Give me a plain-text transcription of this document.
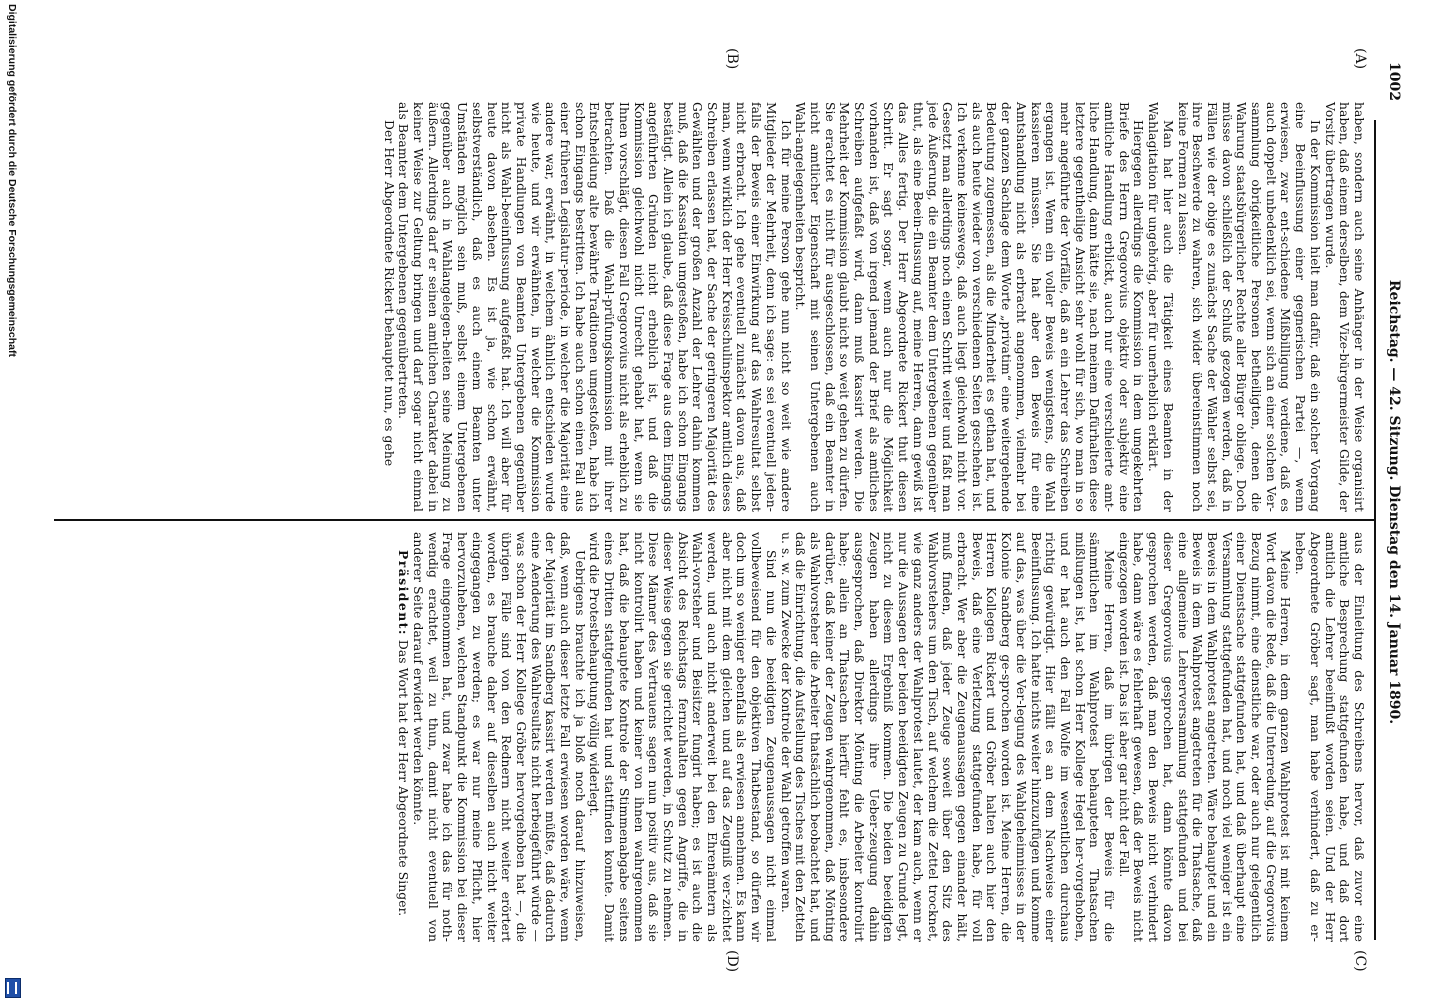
1002
Reichstag. — 42. Sitzung. Dienstag den 14. Januar 1890.
(A)
(B)
(C)
(D)

haben, sondern auch seine Anhänger in der Weise organisirt haben, daß einem derselben, dem Vize-bürgermeister Gilde, der Vorsitz übertragen wurde.

In der Kommission hielt man dafür, daß ein solcher Vorgang eine Beeinflussung einer gegnerischen Partei —, wenn erwiesen, zwar ent-schiedene Mißbilligung verdiene, daß es auch doppelt unbedenklich sei, wenn sich an einer solchen Ver-sammlung obrigkeitliche Personen betheiligten, denen die Wahrung staatsbürgerlicher Rechte aller Bürger obliege. Doch müsse davon schließlich der Schluß gezogen werden, daß in Fällen wie der obige es zunächst Sache der Wähler selbst sei, ihre Beschwerde zu wahren, sich wider übereinstimmen noch keine Formen zu lassen.

Man hat hier auch die Tätigkeit eines Beamten in der Wahlagitation für ungehörig, aber für unerheblich erklärt.

Hiergegen allerdings die Kommission in dem umgekehrten Briefe des Herrn Gregorovius objektiv oder subjektiv eine amtliche Handlung erblickt, auch nur eine verschleierte amt-liche Handlung, dann hätte sie, nach meinem Dafürhalten diese letztere gegentheilige Ansicht sehr wohl für sich, wo man in so mehr angeführte der Vorfälle, daß an ein Lehrer das Schreiben ergangen ist. Wenn ein voller Beweis wenigstens, die Wahl kassieren müssen. Sie hat aber den Beweis für eine Amtshandlung nicht als erbracht angenommen, vielmehr bei der ganzen Sachlage dem Worte „privatim“ eine weitergehende Bedeutung zugemessen, als die Minderheit es gethan hat, und als auch heute wieder von verschiedenen Seiten geschehen ist. Ich verkenne keineswegs, daß auch liegt gleichwohl nicht vor. Gesetzt man allerdings noch einen Schritt weiter und faßt man jede Äußerung, die ein Beamter dem Untergebenen gegenüber thut, als eine Beein-flussung auf, meine Herren, dann gewiß ist das Alles fertig. Der Herr Abgeordnete Rickert thut diesen Schritt. Er sagt sogar, wenn auch nur die Möglichkeit vorhanden ist, daß von irgend jemand der Brief als amtliches Schreiben aufgefaßt wird, dann muß kassirt werden. Die Mehrheit der Kommission glaubt nicht so weit gehen zu dürfen. Sie erachtet es nicht für ausgeschlossen, daß ein Beamter in nicht amtlicher Eigenschaft mit seinen Untergebenen auch Wahl-angelegenheiten bespricht.

Ich für meine Person gehe nun nicht so weit wie andere Mitglieder der Mehrheit, denn ich sage: es sei eventuell jeden-falls der Beweis einer Einwirkung auf das Wahlresultat selbst nicht erbracht. Ich gehe eventuell zunächst davon aus, daß man, wenn wirklich der Herr Kreisschulinspektor amtlich dieses Schreiben erlassen hat, der Sache der geringeren Majorität des Gewählten und der großen Anzahl der Lehrer dahin kommen muß, daß die Kassation umgestoßen, habe ich schon Eingangs bestätigt. Allein ich glaube, daß diese Frage aus dem Eingangs angeführten Gründen nicht erheblich ist, und daß die Kommission gleichwohl nicht Unrecht gehabt hat, wenn sie Ihnen vorschlägt, diesen Fall Gregorovius nicht als erheblich zu betrachten. Daß die Wahl-prüfungskommission mit ihrer Entscheidung alte bewährte Traditionen umgestoßen, habe ich schon Eingangs bestritten. Ich habe auch schon einen Fall aus einer früheren Legislatur-periode, in welcher die Majorität eine andere war, erwähnt, in welchem ähnlich entschieden wurde wie heute, und wir erwähnten, in welcher die Kommission private Handlungen von Beamten Untergebenen gegenüber nicht als Wahl-beeinflussung aufgefaßt hat. Ich will aber für heute davon absehen. Es ist ja, wie schon erwähnt, selbstverständlich, daß es auch einem Beamten unter Umständen möglich sein muß, selbst einem Untergebenen gegenüber auch in Wahlangelegen-heiten seine Meinung zu äußern. Allerdings darf er seinen amtlichen Charakter dabei in keiner Weise zur Geltung bringen und darf sogar nicht einmal als Beamter dem Untergebenen gegenübertreten.

Der Herr Abgeordnete Rickert behauptet nun, es gehe

aus der Einleitung des Schreibens hervor, daß zuvor eine amtliche Besprechung stattgefunden habe, und daß dort amtlich die Lehrer beeinflußt worden seien. Und der Herr Abgeordnete Gröber sagt, man habe verhindert, daß zu er-heben.

Meine Herren, in dem ganzen Wahlprotest ist mit keinem Wort davon die Rede, daß die Unterredung, auf die Gregorovius Bezug nimmt, eine dienstliche war, oder auch nur gelegentlich einer Dienstsache stattgefunden hat, und daß überhaupt eine Versammlung stattgefunden hat, und noch viel weniger ist ein Beweis in dem Wahlprotest angetreten. Wäre behauptet und ein Beweis in dem Wahlprotest angetreten für die Thatsache, daß eine allgemeine Lehrerversammlung stattgefunden und bei dieser Gregorovius gesprochen hat, dann könnte davon gesprochen werden, daß man den Beweis nicht verhindert habe, dann wäre es fehlerhaft gewesen, daß der Beweis nicht eingezogen worden ist. Das ist aber gar nicht der Fall.

Meine Herren, daß im übrigen der Beweis für die sämmtlichen im Wahlprotest behaupteten Thatsachen mißlungen ist, hat schon Herr Kollege Hegel her-vorgehoben, und er hat auch den Fall Wolfe im wesentlichen durchaus richtig gewürdigt. Hier fällt es an dem Nachweise einer Beeinflussung. Ich hatte nichts weiter hinzuzufügen und komme auf das, was über die Ver-legung des Wahlgeheimnisses in der Kolonie Sandberg ge-sprochen worden ist. Meine Herren, die Herren Kollegen Rickert und Gröber halten auch hier den Beweis, daß eine Verletzung stattgefunden habe, für voll erbracht. Wer aber die Zeugenaussagen gegen einander hält, muß finden, daß jeder Zeuge soweit über den Sitz des Wahlvorstehers um den Tisch, auf welchem die Zettel trocknet, wie ganz anders der Wahlprotest lautet, der kam auch, wenn er nur die Aussagen der beiden beeidigten Zeugen zu Grunde legt, nicht zu diesem Ergebniß kommen. Die beiden beeidigten Zeugen haben allerdings ihre Ueber-zeugung dahin ausgesprochen, daß Direktor Mönting die Arbeiter kontrolirt habe; allein an Thatsachen hierfür fehlt es, insbesondere darüber, daß keiner der Zeugen wahrgenommen, daß Mönting als Wahlvorsteher die Arbeiter thatsächlich beobachtet hat, und daß die Einrichtung, die Aufstellung des Tisches mit den Zetteln u. s. w. zum Zwecke der Kontrole der Wahl getroffen waren.

Sind nun die beeidigten Zeugenaussagen nicht einmal vollbeweisend für den objektiven Thatbestand, so dürfen wir doch um so weniger ebenfalls als erwiesen annehmen. Es kann aber nicht mit dem gleichen und auf das Zeugniß ver-zichtet werden, und auch nicht anderweit bei den Ehrenämtern als Wahl-vorsteher und Beisitzer fungirt haben; es ist auch die Absicht des Reichstags fernzuhalten gegen Angriffe, die in dieser Weise gegen sie gerichtet werden, in Schutz zu nehmen. Diese Männer des Vertrauens sagen nun positiv aus, daß sie nicht kontrolirt haben und keiner von ihnen wahrgenommen hat, daß die behauptete Kontrole der Stimmenabgabe seitens eines Dritten stattgefunden hat und stattfinden konnte. Damit wird die Protestbehauptung völlig widerlegt.

Uebrigens brauchte ich ja bloß noch darauf hinzuweisen, daß, wenn auch dieser letzte Fall erwiesen worden wäre, wenn der Majorität im Sandberg kassirt werden müßte, daß dadurch eine Aenderung des Wahlresultats nicht herbeigeführt würde — was schon der Herr Kollege Gröber hervorgehoben hat —, die übrigen Fälle sind von den Rednern nicht weiter erörtert worden, es brauche daher auf dieselben auch nicht weiter eingegangen zu werden; es war nur meine Pflicht, hier hervorzuheben, welchen Standpunkt die Kommission bei dieser Frage eingenommen hat, und zwar habe ich das für noth-wendig erachtet, weil zu thun, damit nicht eventuell von anderer Seite darauf erwidert werden könnte.

Präsident: Das Wort hat der Herr Abgeordnete Singer.

Digitalisierung gefördert durch die Deutsche Forschungsgemeinschaft
